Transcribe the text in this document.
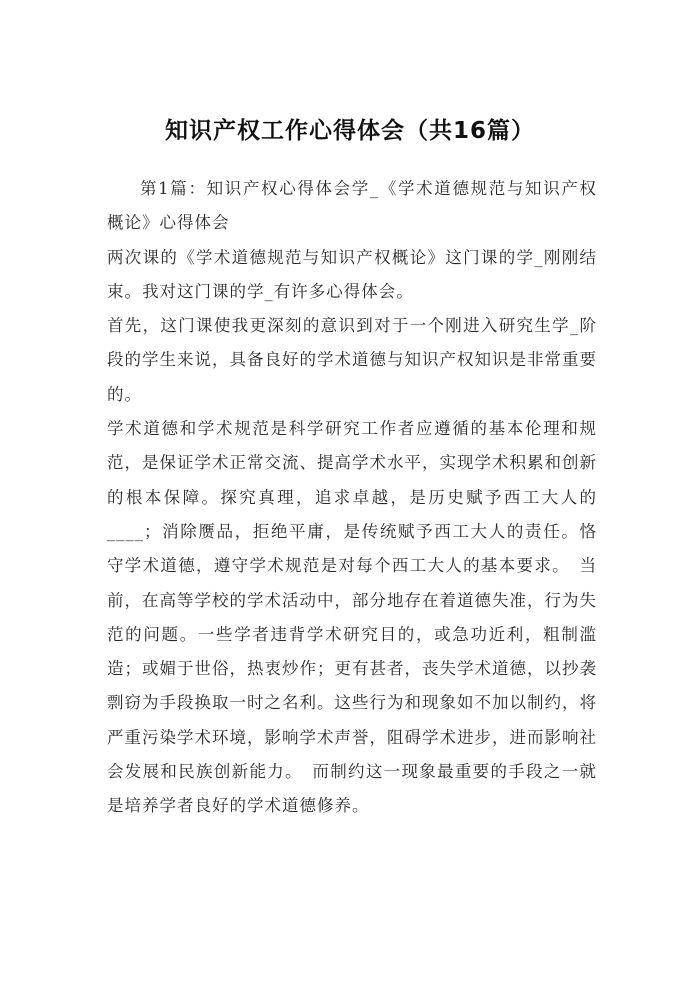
知识产权工作心得体会（共16篇）

第1篇：知识产权心得体会学_《学术道德规范与知识产权概论》心得体会

两次课的《学术道德规范与知识产权概论》这门课的学_刚刚结束。我对这门课的学_有许多心得体会。

首先，这门课使我更深刻的意识到对于一个刚进入研究生学_阶段的学生来说，具备良好的学术道德与知识产权知识是非常重要的。

学术道德和学术规范是科学研究工作者应遵循的基本伦理和规范，是保证学术正常交流、提高学术水平，实现学术积累和创新的根本保障。探究真理，追求卓越，是历史赋予西工大人的____；消除赝品，拒绝平庸，是传统赋予西工大人的责任。恪守学术道德，遵守学术规范是对每个西工大人的基本要求。　当前，在高等学校的学术活动中，部分地存在着道德失准，行为失范的问题。一些学者违背学术研究目的，或急功近利，粗制滥造；或媚于世俗，热衷炒作；更有甚者，丧失学术道德，以抄袭剽窃为手段换取一时之名利。这些行为和现象如不加以制约，将严重污染学术环境，影响学术声誉，阻碍学术进步，进而影响社会发展和民族创新能力。　而制约这一现象最重要的手段之一就是培养学者良好的学术道德修养。
